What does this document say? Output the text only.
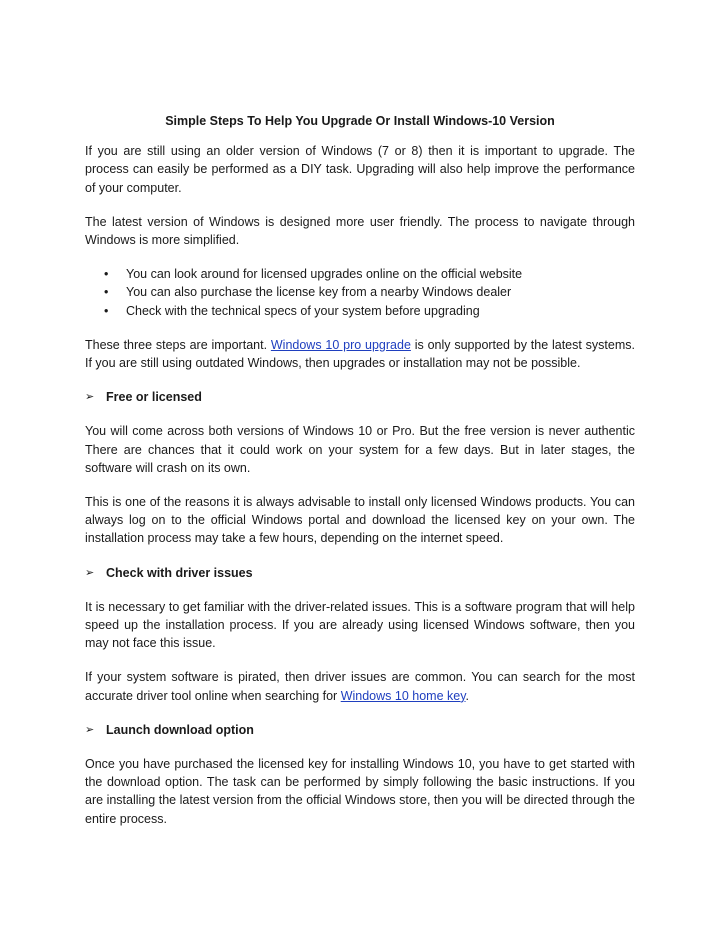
Simple Steps To Help You Upgrade Or Install Windows-10 Version

If you are still using an older version of Windows (7 or 8) then it is important to upgrade. The process can easily be performed as a DIY task. Upgrading will also help improve the performance of your computer.

The latest version of Windows is designed more user friendly. The process to navigate through Windows is more simplified.

• You can look around for licensed upgrades online on the official website
• You can also purchase the license key from a nearby Windows dealer
• Check with the technical specs of your system before upgrading

These three steps are important. Windows 10 pro upgrade is only supported by the latest systems. If you are still using outdated Windows, then upgrades or installation may not be possible.

➢ Free or licensed

You will come across both versions of Windows 10 or Pro. But the free version is never authentic There are chances that it could work on your system for a few days. But in later stages, the software will crash on its own.

This is one of the reasons it is always advisable to install only licensed Windows products. You can always log on to the official Windows portal and download the licensed key on your own. The installation process may take a few hours, depending on the internet speed.

➢ Check with driver issues

It is necessary to get familiar with the driver-related issues. This is a software program that will help speed up the installation process. If you are already using licensed Windows software, then you may not face this issue.

If your system software is pirated, then driver issues are common. You can search for the most accurate driver tool online when searching for Windows 10 home key.

➢ Launch download option

Once you have purchased the licensed key for installing Windows 10, you have to get started with the download option. The task can be performed by simply following the basic instructions. If you are installing the latest version from the official Windows store, then you will be directed through the entire process.
